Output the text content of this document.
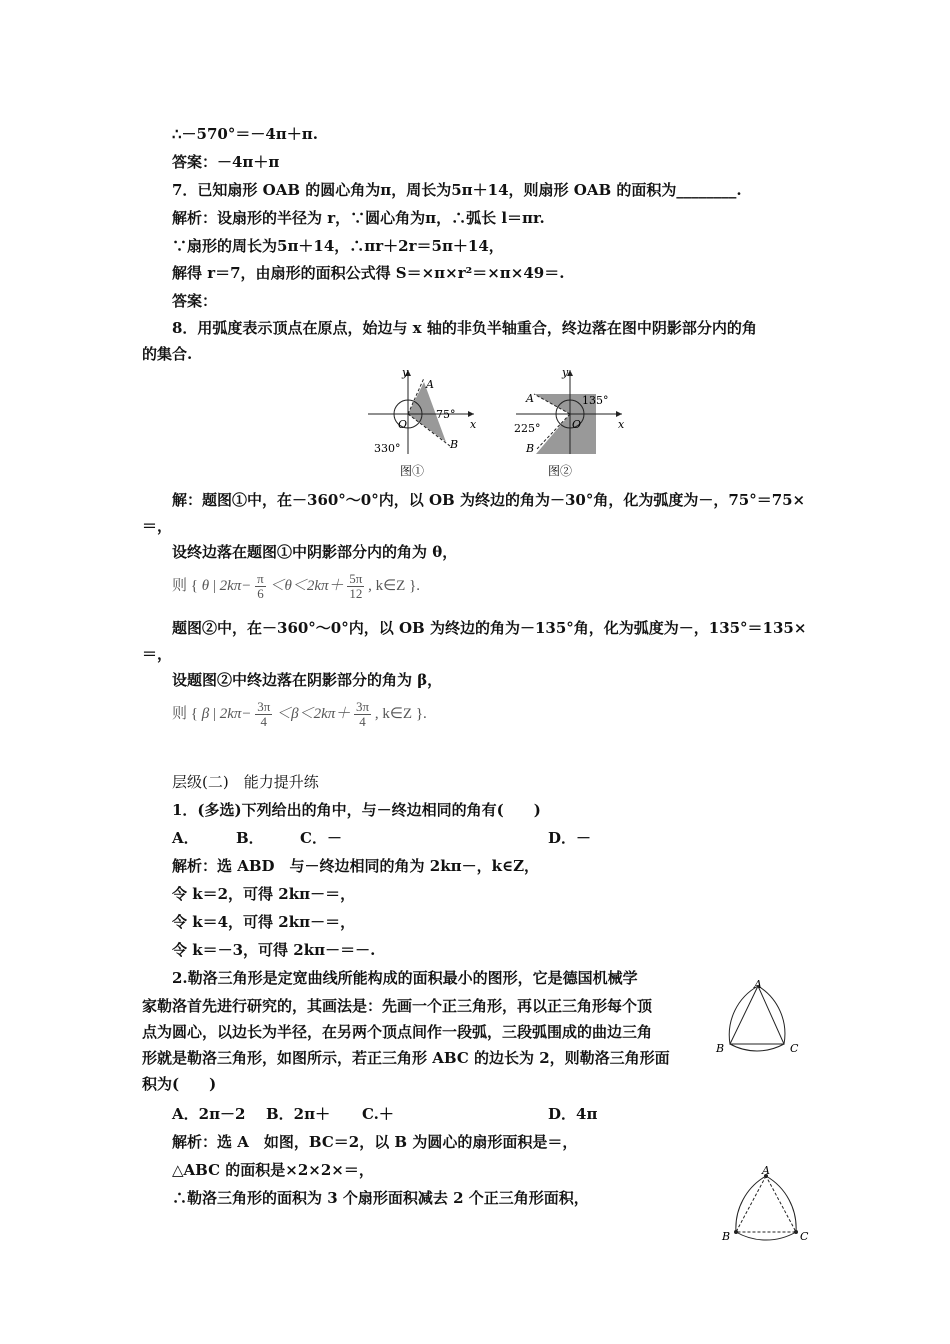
∴－570°＝－4π＋π.
答案：－4π＋π
7．已知扇形 OAB 的圆心角为π，周长为5π＋14，则扇形 OAB 的面积为________.
解析：设扇形的半径为 r，∵圆心角为π，∴弧长 l＝πr.
∵扇形的周长为5π＋14，∴πr＋2r＝5π＋14，
解得 r＝7，由扇形的面积公式得 S＝×π×r²＝×π×49＝.
答案：
8．用弧度表示顶点在原点，始边与 x 轴的非负半轴重合，终边落在图中阴影部分内的角
的集合.
y
x
O
A
B
75°
330°
图①
y
x
O
A
B
135°
225°
图②
解：题图①中，在－360°～0°内，以 OB 为终边的角为－30°角，化为弧度为－，75°＝75×
＝，
设终边落在题图①中阴影部分内的角为 θ，
则 { θ | $2k\pi- \frac{\pi}{6} <\theta<2k\pi+ \frac{5\pi}{12}$ , k∈Z }.
题图②中，在－360°～0°内，以 OB 为终边的角为－135°角，化为弧度为－，135°＝135×
＝，
设题图②中终边落在阴影部分的角为 β，
则 { β | $2k\pi- \frac{3\pi}{4} <\beta<2k\pi+ \frac{3\pi}{4}$ , k∈Z }.
层级(二)　能力提升练
1．(多选)下列给出的角中，与－终边相同的角有(　　)
A． B． C．－	D．－
解析：选 ABD　与－终边相同的角为 2kπ－，k∈Z，
令 k＝2，可得 2kπ－＝，
令 k＝4，可得 2kπ－＝，
令 k＝－3，可得 2kπ－＝－.
2.勒洛三角形是定宽曲线所能构成的面积最小的图形，它是德国机械学
家勒洛首先进行研究的，其画法是：先画一个正三角形，再以正三角形每个顶
点为圆心，以边长为半径，在另两个顶点间作一段弧，三段弧围成的曲边三角
形就是勒洛三角形，如图所示，若正三角形 ABC 的边长为 2，则勒洛三角形面
积为(　　)
A
B	C
A．2π－2 B．2π＋ C.＋	D．4π
解析：选 A　如图，BC＝2，以 B 为圆心的扇形面积是＝，
△ABC 的面积是×2×2×＝，
∴勒洛三角形的面积为 3 个扇形面积减去 2 个正三角形面积，
A
B	C
